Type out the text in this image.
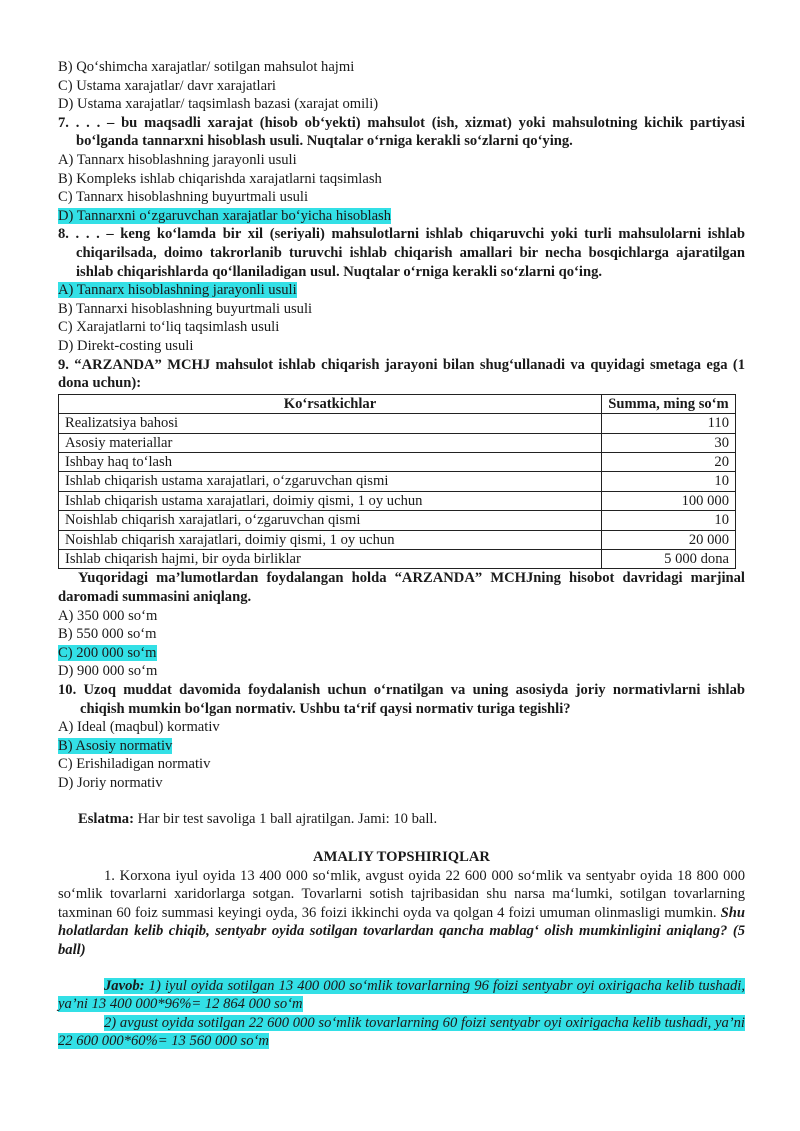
B) Qo‘shimcha xarajatlar/ sotilgan mahsulot hajmi
C) Ustama xarajatlar/ davr xarajatlari
D) Ustama xarajatlar/ taqsimlash bazasi (xarajat omili)
7. . . . – bu maqsadli xarajat (hisob ob‘yekti) mahsulot (ish, xizmat) yoki mahsulotning kichik partiyasi bo‘lganda tannarxni hisoblash usuli. Nuqtalar o‘rniga kerakli so‘zlarni qo‘ying.
A) Tannarx hisoblashning jarayonli usuli
B) Kompleks ishlab chiqarishda xarajatlarni taqsimlash
C) Tannarx hisoblashning buyurtmali usuli
D) Tannarxni o‘zgaruvchan xarajatlar bo‘yicha hisoblash
8. . . . – keng ko‘lamda bir xil (seriyali) mahsulotlarni ishlab chiqaruvchi yoki turli mahsulolarni ishlab chiqarilsada, doimo takrorlanib turuvchi ishlab chiqarish amallari bir necha bosqichlarga ajaratilgan ishlab chiqarishlarda qo‘llaniladigan usul. Nuqtalar o‘rniga kerakli so‘zlarni qo‘ing.
A) Tannarx hisoblashning jarayonli usuli
B) Tannarxi hisoblashning buyurtmali usuli
C) Xarajatlarni to‘liq taqsimlash usuli
D) Direkt-costing usuli
9. “ARZANDA” MCHJ mahsulot ishlab chiqarish jarayoni bilan shug‘ullanadi va quyidagi smetaga ega (1 dona uchun):
Ko‘rsatkichlar	Summa, ming so‘m
Realizatsiya bahosi	110
Asosiy materiallar	30
Ishbay haq to‘lash	20
Ishlab chiqarish ustama xarajatlari, o‘zgaruvchan qismi	10
Ishlab chiqarish ustama xarajatlari, doimiy qismi, 1 oy uchun	100 000
Noishlab chiqarish xarajatlari, o‘zgaruvchan qismi	10
Noishlab chiqarish xarajatlari, doimiy qismi, 1 oy uchun	20 000
Ishlab chiqarish hajmi, bir oyda birliklar	5 000 dona
Yuqoridagi ma’lumotlardan foydalangan holda “ARZANDA” MCHJning hisobot davridagi marjinal daromadi summasini aniqlang.
A) 350 000 so‘m
B) 550 000 so‘m
C) 200 000 so‘m
D) 900 000 so‘m
10. Uzoq muddat davomida foydalanish uchun o‘rnatilgan va uning asosiyda joriy normativlarni ishlab chiqish mumkin bo‘lgan normativ. Ushbu ta‘rif qaysi normativ turiga tegishli?
A) Ideal (maqbul) kormativ
B) Asosiy normativ
C) Erishiladigan normativ
D) Joriy normativ
Eslatma: Har bir test savoliga 1 ball ajratilgan. Jami: 10 ball.
AMALIY TOPSHIRIQLAR
1. Korxona iyul oyida 13 400 000 so‘mlik, avgust oyida 22 600 000 so‘mlik va sentyabr oyida 18 800 000 so‘mlik tovarlarni xaridorlarga sotgan. Tovarlarni sotish tajribasidan shu narsa ma‘lumki, sotilgan tovarlarning taxminan 60 foiz summasi keyingi oyda, 36 foizi ikkinchi oyda va qolgan 4 foizi umuman olinmasligi mumkin. Shu holatlardan kelib chiqib, sentyabr oyida sotilgan tovarlardan qancha mablag‘ olish mumkinligini aniqlang? (5 ball)
Javob: 1) iyul oyida sotilgan 13 400 000 so‘mlik tovarlarning 96 foizi sentyabr oyi oxirigacha kelib tushadi, ya’ni 13 400 000*96%= 12 864 000 so‘m
2) avgust oyida sotilgan 22 600 000 so‘mlik tovarlarning 60 foizi sentyabr oyi oxirigacha kelib tushadi, ya’ni 22 600 000*60%= 13 560 000 so‘m
